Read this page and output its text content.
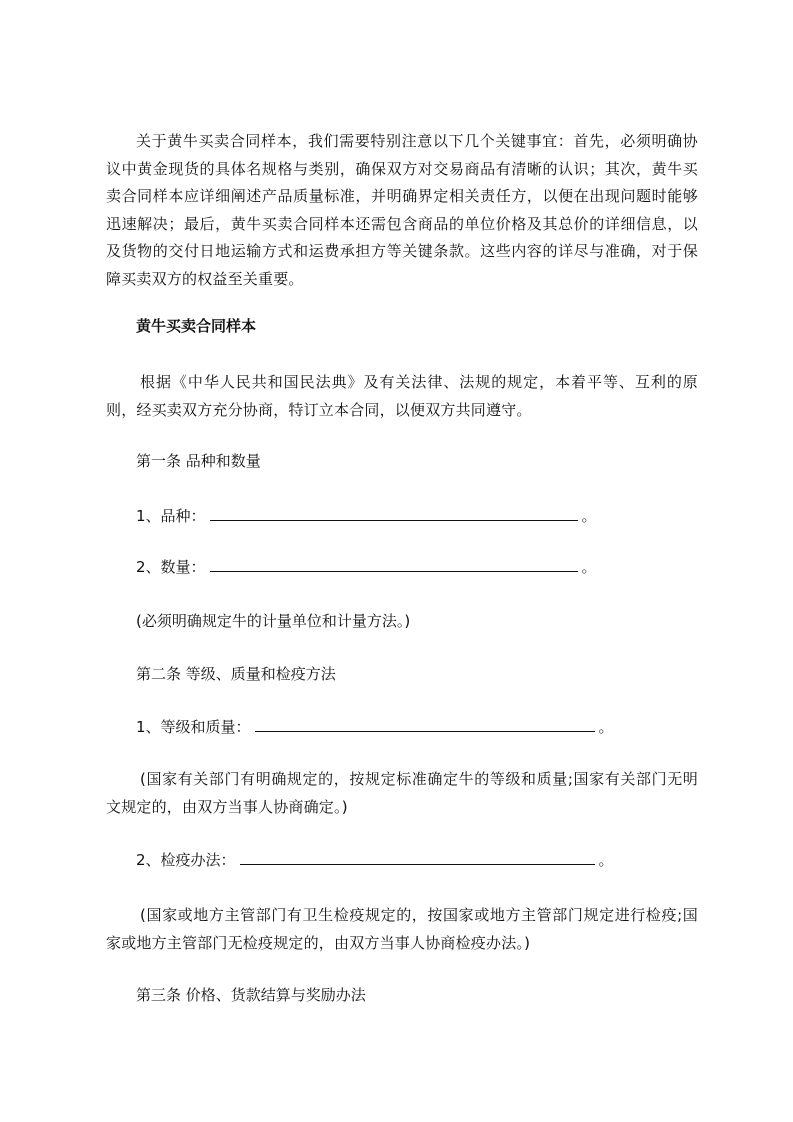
关于黄牛买卖合同样本，我们需要特别注意以下几个关键事宜：首先，必须明确协议中黄金现货的具体名规格与类别，确保双方对交易商品有清晰的认识；其次，黄牛买卖合同样本应详细阐述产品质量标准，并明确界定相关责任方，以便在出现问题时能够迅速解决；最后，黄牛买卖合同样本还需包含商品的单位价格及其总价的详细信息，以及货物的交付日地运输方式和运费承担方等关键条款。这些内容的详尽与准确，对于保障买卖双方的权益至关重要。

黄牛买卖合同样本

根据《中华人民共和国民法典》及有关法律、法规的规定，本着平等、互利的原则，经买卖双方充分协商，特订立本合同，以便双方共同遵守。

第一条 品种和数量
1、品种：	。
2、数量：	。
(必须明确规定牛的计量单位和计量方法。)
第二条 等级、质量和检疫方法
1、等级和质量：	。

(国家有关部门有明确规定的，按规定标准确定牛的等级和质量;国家有关部门无明文规定的，由双方当事人协商确定。)

2、检疫办法：	。

(国家或地方主管部门有卫生检疫规定的，按国家或地方主管部门规定进行检疫;国家或地方主管部门无检疫规定的，由双方当事人协商检疫办法。)

第三条 价格、货款结算与奖励办法
